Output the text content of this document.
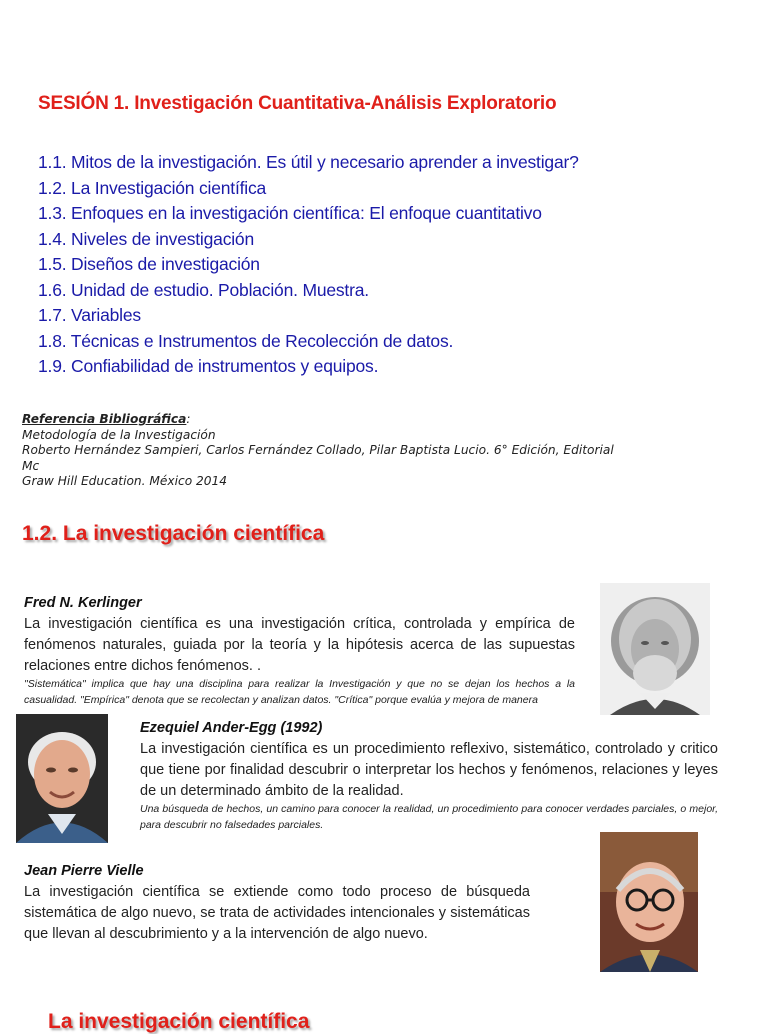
SESIÓN 1. Investigación Cuantitativa-Análisis Exploratorio
1.1. Mitos de la investigación. Es útil y necesario aprender a investigar?
1.2. La Investigación científica
1.3. Enfoques en la investigación científica: El enfoque cuantitativo
1.4. Niveles de investigación
1.5. Diseños de investigación
1.6. Unidad de estudio. Población. Muestra.
1.7. Variables
1.8. Técnicas e Instrumentos de Recolección de datos.
1.9. Confiabilidad de instrumentos y equipos.
Referencia Bibliográfica:
Metodología de la Investigación
Roberto Hernández Sampieri, Carlos Fernández Collado, Pilar Baptista Lucio. 6° Edición, Editorial Mc
Graw Hill Education. México 2014
1.2. La investigación científica
Fred N. Kerlinger
La investigación científica es una investigación crítica, controlada y empírica de fenómenos naturales, guiada por la teoría y la hipótesis acerca de las supuestas relaciones entre dichos fenómenos. .
"Sistemática" implica que hay una disciplina para realizar la Investigación y que no se dejan los hechos a la casualidad. "Empírica" denota que se recolectan y analizan datos. "Crítica" porque evalúa y mejora de manera
Ezequiel Ander-Egg (1992)
La investigación científica es un procedimiento reflexivo, sistemático, controlado y critico que tiene por finalidad descubrir o interpretar los hechos y fenómenos, relaciones y leyes de un determinado ámbito de la realidad.
Una búsqueda de hechos, un camino para conocer la realidad, un procedimiento para conocer verdades parciales, o mejor, para descubrir no falsedades parciales.
Jean Pierre Vielle
La investigación científica se extiende como todo proceso de búsqueda sistemática de algo nuevo, se trata de actividades intencionales y sistemáticas que llevan al descubrimiento y a la intervención de algo nuevo.
La investigación científica
